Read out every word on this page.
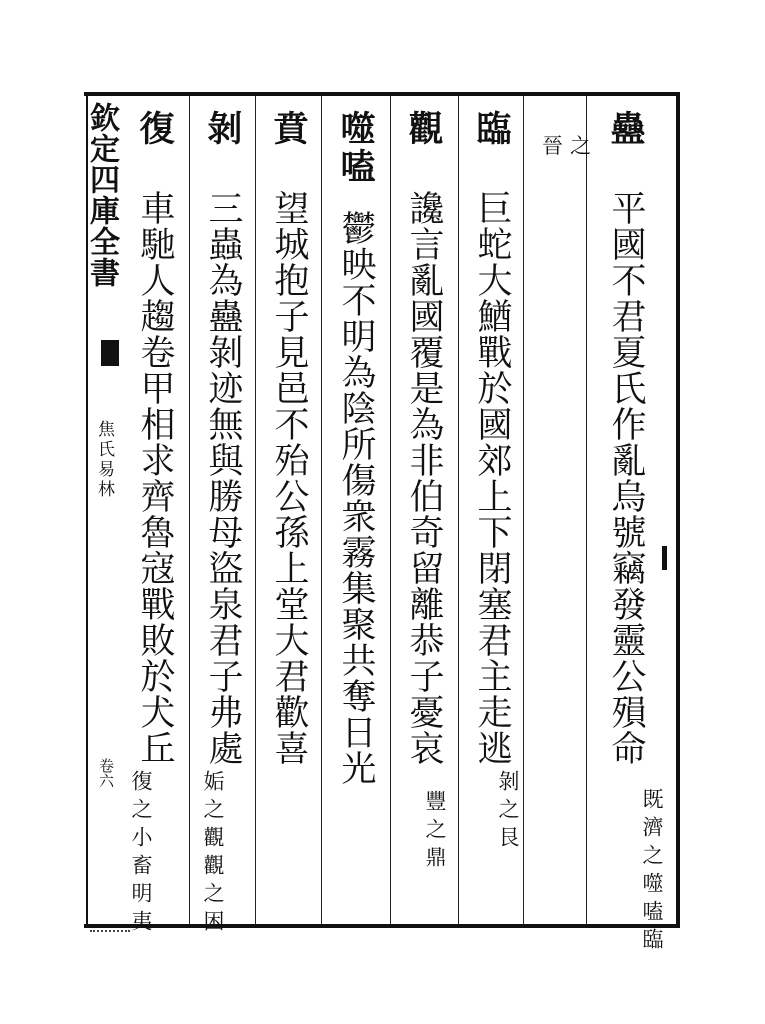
欽定四庫全書
焦氏易林
卷六
蠱
平國不君夏氏作亂烏號竊發靈公殞命
既濟之噬嗑臨
晉之
臨
巨蛇大鰌戰於國郊上下閉塞君主走逃
剝之艮
觀
讒言亂國覆是為非伯奇留離恭子憂哀
豐之鼎
噬嗑
鬱映不明為陰所傷衆霧集聚共奪日光
賁
望城抱子見邑不殆公孫上堂大君歡喜
剝
三蟲為蠱剝迹無與勝母盜泉君子弗處
姤之觀觀之困
復
車馳人趨卷甲相求齊魯寇戰敗於犬丘
復之小畜明夷
